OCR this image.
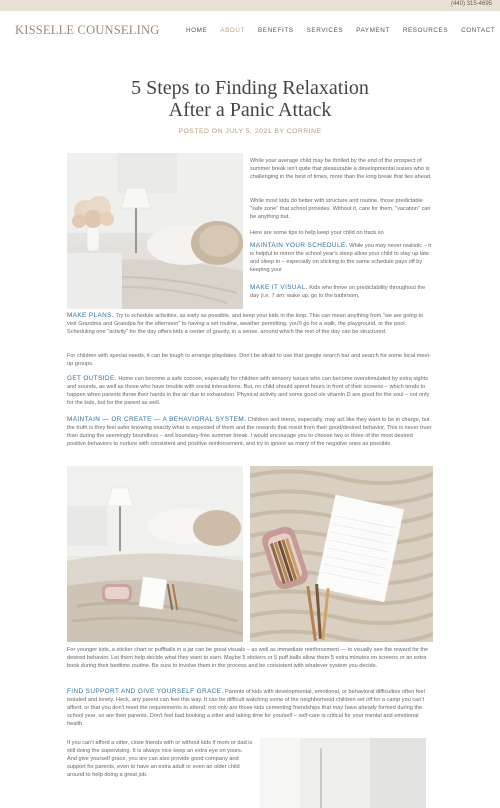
(440) 315-4695
KISSELLE COUNSELING	HOME ABOUT BENEFITS SERVICES PAYMENT RESOURCES CONTACT
5 Steps to Finding Relaxation
After a Panic Attack
POSTED ON JULY 5, 2021 BY CORRINE

While your average child may be thrilled by the end of the prospect of summer break isn't quite that pleasurable a developmental issues who is challenging in the best of times, more than the long break that lies ahead.

While most kids do better with structure and routine, those predictable "safe zone" that school provides. Without it, care for them, "vacation" can be anything but.

Here are some tips to help keep your child on track so

MAINTAIN YOUR SCHEDULE. While you may never realistic – it is helpful to mirror the school year's sleep allow your child to stay up late and sleep in – especially on sticking to the same schedule pays off by keeping your

MAKE IT VISUAL. Kids who thrive on predictability throughout the day (i.e. 7 am: wake up, go to the bathroom,

MAKE PLANS. Try to schedule activities, as early as possible, and keep your kids in the loop. This can mean anything from "we are going to visit Grandma and Grandpa for the afternoon" to having a set routine, weather permitting, you'll go for a walk, the playground, or the pool. Scheduling one "activity" for the day offers kids a center of gravity, in a sense, around which the rest of the day can be structured.

For children with special needs, it can be tough to arrange playdates. Don't be afraid to use that google search bar and search for some local meet-up groups.

GET OUTSIDE. Home can become a safe cocoon, especially for children with sensory issues who can become overstimulated by extra sights and sounds, as well as those who have trouble with social interactions. But, no child should spend hours in front of their screens – which tends to happen when parents throw their hands in the air due to exhaustion. Physical activity and some good ole vitamin D are good for the soul – not only for the kids, but for the parent as well.

MAINTAIN — OR CREATE — A BEHAVIORAL SYSTEM. Children and teens, especially, may act like they want to be in charge, but the truth is they feel safer knowing exactly what is expected of them and the rewards that result from their good/desired behavior. This is never truer than during the seemingly boundless – and boundary-free summer break. I would encourage you to choose two or three of the most desired positive behaviors to nurture with consistent and positive reinforcement, and try to ignore as many of the negative ones as possible.

For younger kids, a sticker chart or puffballs in a jar can be great visuals – as well as immediate reinforcement — to visually see the reward for the desired behavior. Let them help decide what they want to earn. Maybe 5 stickers or 5 puff balls allow them 5 extra minutes on screens or an extra book during their bedtime routine. Be sure to involve them in the process and be consistent with whatever system you decide.

FIND SUPPORT AND GIVE YOURSELF GRACE. Parents of kids with developmental, emotional, or behavioral difficulties often feel isolated and lonely. Heck, any parent can feel this way. It can be difficult watching some of the neighborhood children set off for a camp you can't afford, or that you don't meet the requirements to attend; not only are those kids cementing friendships that may have already formed during the school year, so are their parents. Don't feel bad booking a sitter and taking time for yourself – self-care is critical for your mental and emotional health.

If you can't afford a sitter, close friends with or without kids if mom or dad is still doing the supervising. It is always nice keep an extra eye on yours. And give yourself grace, you are can also provide good company and support for parents, even to have an extra adult or even an older child around to help doing a great job.
